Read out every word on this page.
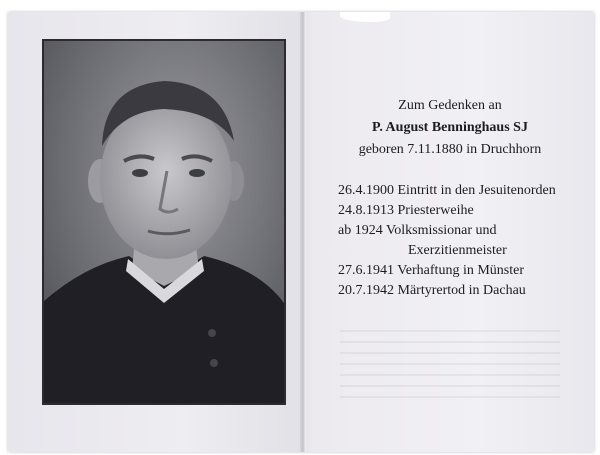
Zum Gedenken an
P. August Benninghaus SJ
geboren 7.11.1880 in Druchhorn

26.4.1900 Eintritt in den Jesuitenorden
24.8.1913 Priesterweihe
ab 1924 Volksmissionar und
Exerzitienmeister
27.6.1941 Verhaftung in Münster
20.7.1942 Märtyrertod in Dachau
